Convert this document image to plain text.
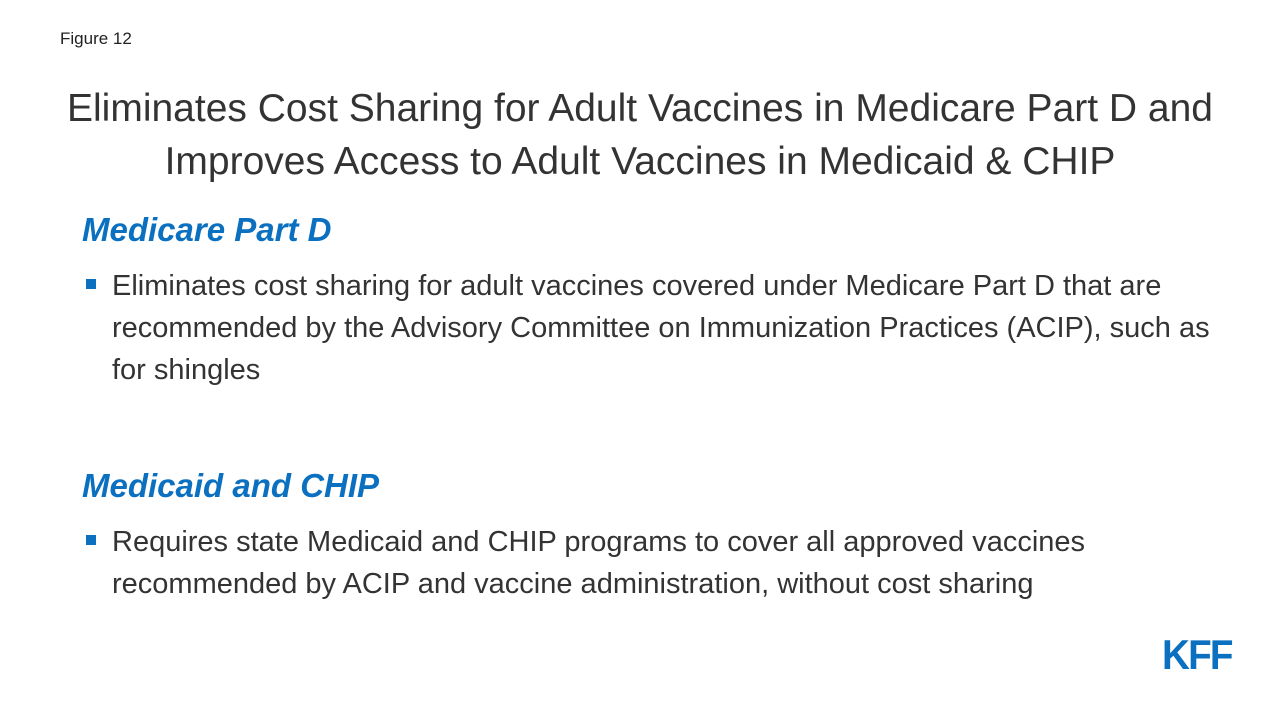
Figure 12
Eliminates Cost Sharing for Adult Vaccines in Medicare Part D and Improves Access to Adult Vaccines in Medicaid & CHIP
Medicare Part D
Eliminates cost sharing for adult vaccines covered under Medicare Part D that are recommended by the Advisory Committee on Immunization Practices (ACIP), such as for shingles
Medicaid and CHIP
Requires state Medicaid and CHIP programs to cover all approved vaccines recommended by ACIP and vaccine administration, without cost sharing
KFF
